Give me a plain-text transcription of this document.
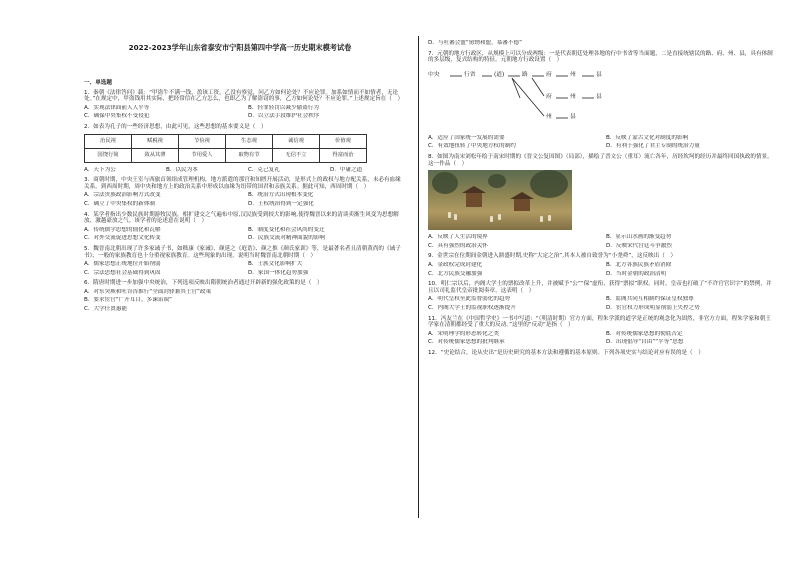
2022-2023学年山东省泰安市宁阳县第四中学高一历史期末模考试卷

一、单选题

1．秦朝《法律答问》载：“甲盗牛不满一钱，盈该工资，乙没有察觉，问乙方如何论处？不应论罪。加系如情而不如情者，无论处。”在规定中，甲盗钱用其实际，把经常信在乙方怎么，也即乙为了解盗窃的事，乙方如何论处？不应论罪。”上述规定旨在（　）

A．实现法律面前人人平等	B．轻罪轻罚以减少偷盗行为
C．确保中央集权不受侵犯	D．以立法手段维护社会秩序

2．如表为孔子的一些经济思想，由此可见，这些思想的基本要义是（　）

治民视	赋税视	节俭视	生态观	诚信观	价值观
国饶行简	敛从其薄	节用爱人	取物有节	无信不立	得富而治
A．天下为公	B．以民为本	C．克己复礼	D．中庸之道

3．商朝时期，中央王室与西旅首领组成管理机构，地方派遣的那宫和知匮开展活动，是形式上的政权与地方配关系，未必有血缘关系。到西周时期，周中央和地方上的政治关系中形成以血缘为纽带的国君和亲族关系。据此可知，西周时期（　）

A．宗法贵族政治影响方式改变	B．统治方式出现根本变化
C．确立了中央集权的新体制	D．王权统治得到一定强化

4．某学者指出少数民族时期游牧民族，相扩建交之气遍布中原,汉民族受到较大的影响,使得魏晋以来的清谈卖渐生风变为思想解放、激越豪放之气。该学者的论述意在说明（　）

A．传统儒学思想的僵化和瓦解	B．制度变化和社会风尚的变迁
C．对外交流促进思想文化转变	D．民族交流对精神面貌的影响

5．魏晋南北朝出现了许多家诫子书，如嵇康《家诫》、颜延之《庭诰》、颜之推《颜氏家训》等，是最著名者且清朝黄尚的《诫子书》，一般的家族教育也十分重视家族教育。这些现象的出现，说明当时魏晋南北朝时期（　）

A．儒家思想正统地位开始削弱	B．士族文化影响扩大
C．宗法思想社会基础得到巩固	D．家国一体化趋势加强

6．隋唐时期进一步加强中央统治，下列选项反映出隋朝统治者通过开辟新的强化政策的是（　）

A．对东突厥和吐谷浑推行“全面封驿兼其土官”政策
B．要求宦官“广开耳目，多谏谄谀”
C．大学任贤惠能
D．与吐蕃会盟“舅甥和盟，慕蕃不德”

7．元朝的地方行政区，从规模上可以分成两级：一是代表朝廷处理各地的行中书省等当面题，二是直接统辖民的路、府、州、县，具有体制的多层级，复式结构的特征。元朝地方行政设置（　）

中央	行省	(道)	路	府	州	县
府	州	县
州	县
A．适应了国家统一发展的需要	B．反映了蒙古文化对制度的影响
C．有效地扭转了中央地方权的制约	D．有利于强化了君主专制的统治力量

8．如图为南宋刘松年绘于南宋时期的《晋文公复国图》（局部），描绘了晋文公（重耳）流亡各年，历经坎坷的经历并最终回国执政的情景。这一作品（　）

A．反映了人生活的境界	B．显示山水画的渐变趋势
C．具有强烈的政治关怀	D．反映宋代宫廷斗争激烈

9．金世宗在位期间金朝进入鼎盛时期,史称“大定之治”,其本人被自致誉为“小尧舜”，这反映出（　）

A．金政权完成封建化	B．北方各族民族矛盾消除
C．北方民族交融加强	D．当时金朝的政治清明

10．明仁宗以后，内阁大学士的票拟改革上升，并被赋予“公”“保”虚衔，获得“票拟”职权。同时，皇帝也打破了“不许官官识字”的禁例，并且以司礼监代皇帝批阅奏章，这表明（　）

A．明代皇权至此监督弱化的趋势	B．监阁共同互相制约保证皇权独尊
C．内阁大学士的监视职权逐渐提升	D．宦官权力形成明显削弱上失控之势

11．冯友兰在《中国哲学史》一书中写道：“（明清时期）官方方面，程朱学派的道学是正统的观念化为固然，非官方方面，程朱学家和朝王学家在清朝都经受了重大的反动。”这里的“反动”是指（　）

A．宋明理学的形态转化之类	B．对传统儒家思想的彻底否定
C．对传统儒家思想的批判继承	D．出现倡导“自由”“平等”思想

12．“史论结合，论从史出”是历史研究的基本方法和遵循的基本原则。下列各项史实与结论对应有误的是（　）
